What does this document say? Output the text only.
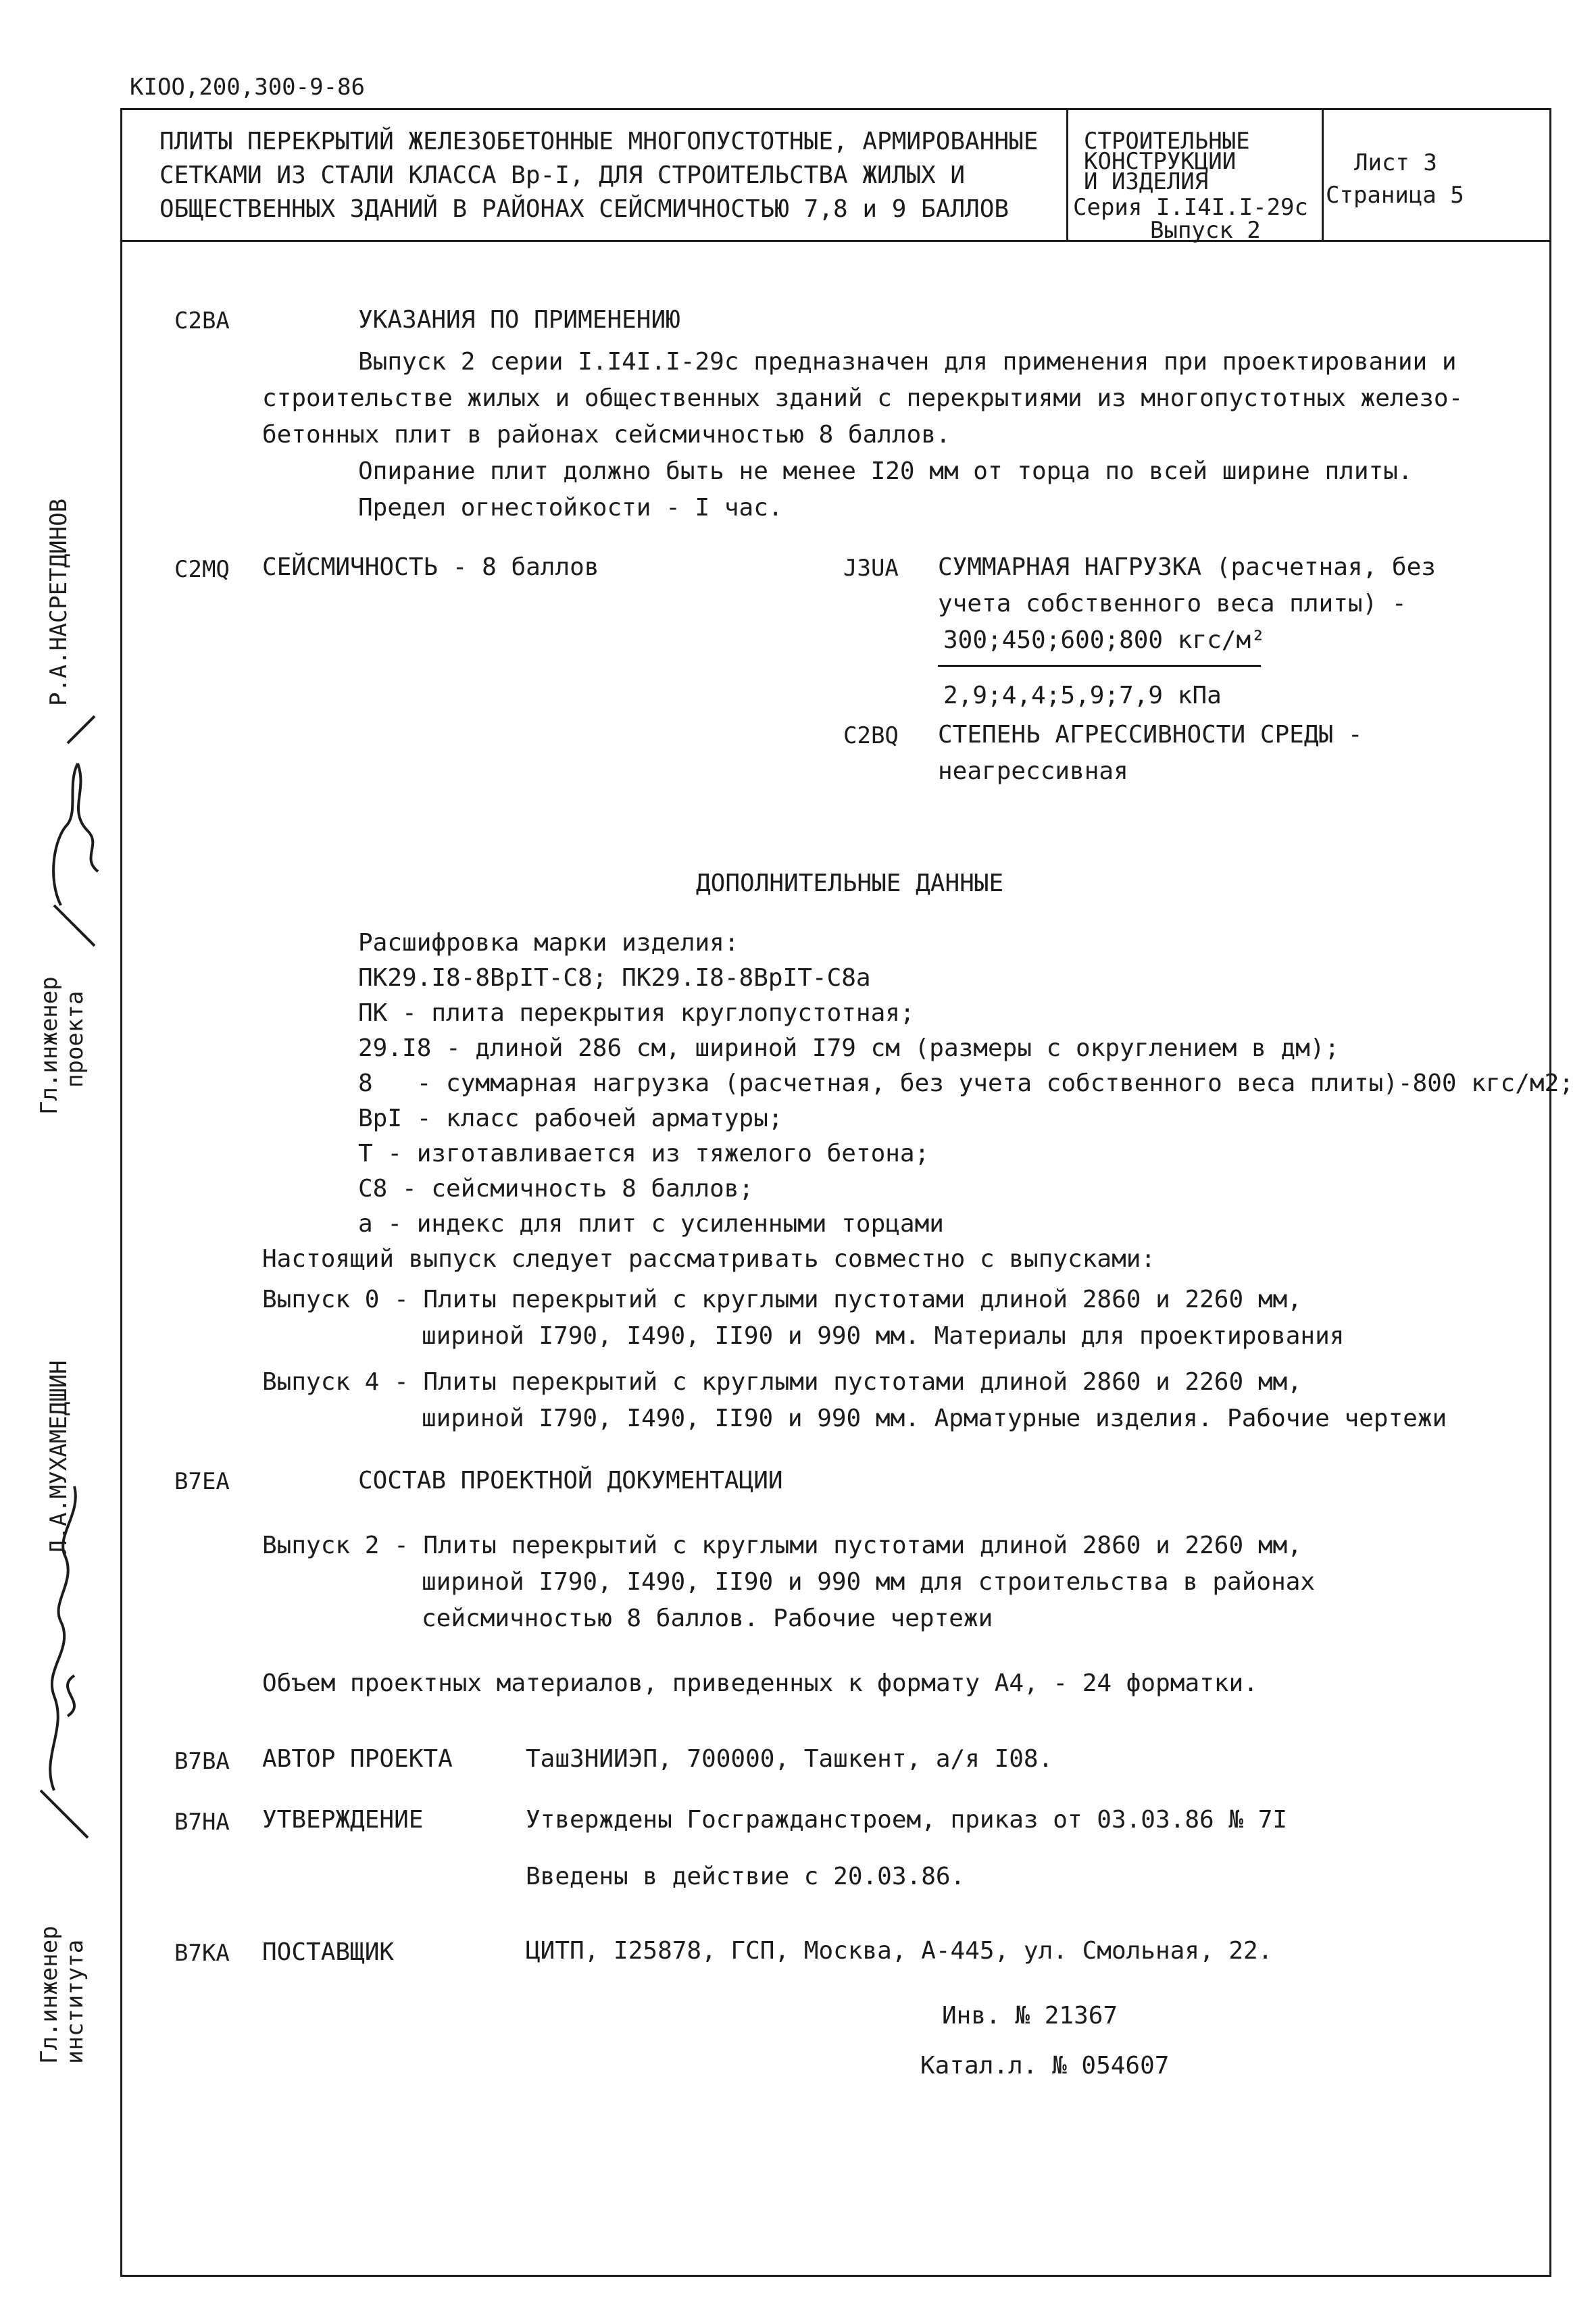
КIОО,200,300-9-86
ПЛИТЫ ПЕРЕКРЫТИЙ ЖЕЛЕЗОБЕТОННЫЕ МНОГОПУСТОТНЫЕ, АРМИРОВАННЫЕ
СЕТКАМИ ИЗ СТАЛИ КЛАССА Вр-I, ДЛЯ СТРОИТЕЛЬСТВА ЖИЛЫХ И
ОБЩЕСТВЕННЫХ ЗДАНИЙ В РАЙОНАХ СЕЙСМИЧНОСТЬЮ 7,8 и 9 БАЛЛОВ
СТРОИТЕЛЬНЫЕ
КОНСТРУКЦИИ
И ИЗДЕЛИЯ
Серия I.I4I.I-29с
Выпуск 2
Лист 3
Страница 5
Р.А.НАСРЕТДИНОВ
Гл.инженер
проекта
Л.А.МУХАМЕДШИН
Гл.инженер
института
С2ВА	УКАЗАНИЯ ПО ПРИМЕНЕНИЮ
Выпуск 2 серии I.I4I.I-29с предназначен для применения при проектировании и
строительстве жилых и общественных зданий с перекрытиями из многопустотных железо-
бетонных плит в районах сейсмичностью 8 баллов.
Опирание плит должно быть не менее I20 мм от торца по всей ширине плиты.
Предел огнестойкости - I час.
С2МQ СЕЙСМИЧНОСТЬ - 8 баллов	J3UA СУММАРНАЯ НАГРУЗКА (расчетная, без
учета собственного веса плиты) -
300;450;600;800 кгс/м²
2,9;4,4;5,9;7,9 кПа
С2ВQ СТЕПЕНЬ АГРЕССИВНОСТИ СРЕДЫ -
неагрессивная
ДОПОЛНИТЕЛЬНЫЕ ДАННЫЕ
Расшифровка марки изделия:
ПК29.I8-8ВрIТ-С8; ПК29.I8-8ВрIТ-С8а
ПК - плита перекрытия круглопустотная;
29.I8 - длиной 286 см, шириной I79 см (размеры с округлением в дм);
8   - суммарная нагрузка (расчетная, без учета собственного веса плиты)-800 кгс/м2;
ВрI - класс рабочей арматуры;
Т - изготавливается из тяжелого бетона;
С8 - сейсмичность 8 баллов;
а - индекс для плит с усиленными торцами
Настоящий выпуск следует рассматривать совместно с выпусками:
Выпуск 0 - Плиты перекрытий с круглыми пустотами длиной 2860 и 2260 мм,
шириной I790, I490, II90 и 990 мм. Материалы для проектирования
Выпуск 4 - Плиты перекрытий с круглыми пустотами длиной 2860 и 2260 мм,
шириной I790, I490, II90 и 990 мм. Арматурные изделия. Рабочие чертежи
В7ЕА	СОСТАВ ПРОЕКТНОЙ ДОКУМЕНТАЦИИ
Выпуск 2 - Плиты перекрытий с круглыми пустотами длиной 2860 и 2260 мм,
шириной I790, I490, II90 и 990 мм для строительства в районах
сейсмичностью 8 баллов. Рабочие чертежи
Объем проектных материалов, приведенных к формату А4, - 24 форматки.
В7ВА АВТОР ПРОЕКТА	ТашЗНИИЭП, 700000, Ташкент, а/я I08.
В7НА УТВЕРЖДЕНИЕ	Утверждены Госгражданстроем, приказ от 03.03.86 № 7I
Введены в действие с 20.03.86.
В7КА ПОСТАВЩИК	ЦИТП, I25878, ГСП, Москва, А-445, ул. Смольная, 22.
Инв. № 21367
Катал.л. № 054607
